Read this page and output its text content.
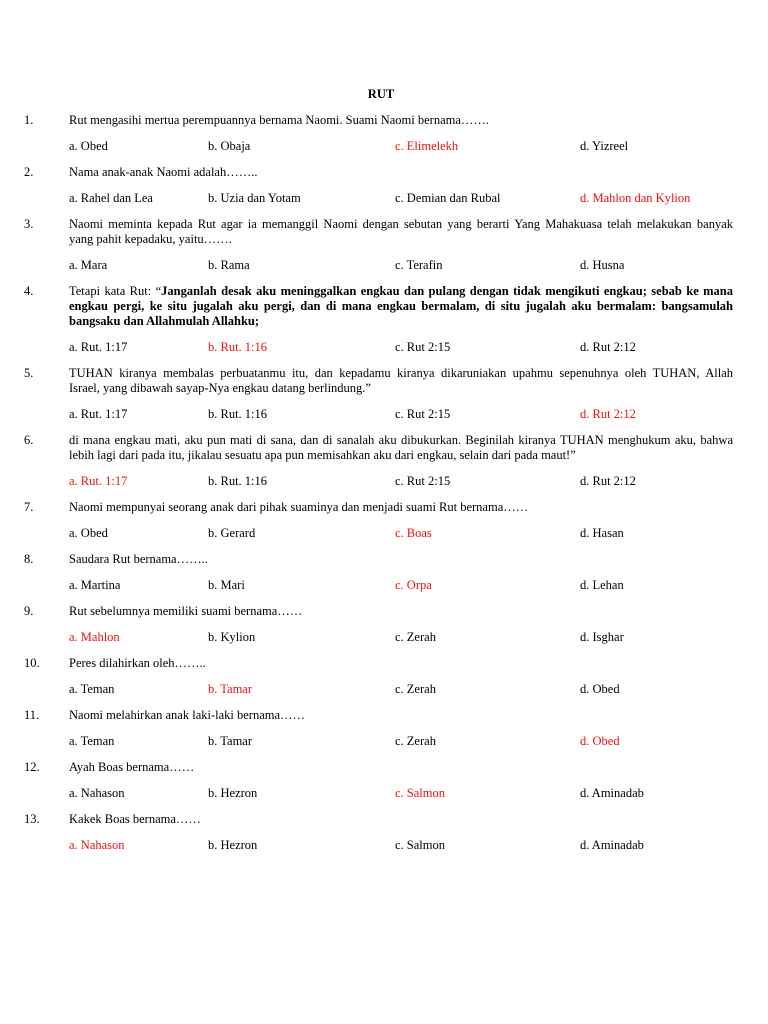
RUT
1.	Rut mengasihi mertua perempuannya bernama Naomi. Suami Naomi bernama…….
a. Obed	b. Obaja	c. Elimelekh	d. Yizreel
2.	Nama anak-anak Naomi adalah……..
a. Rahel dan Lea	b. Uzia dan Yotam	c. Demian dan Rubal	d. Mahlon dan Kylion
3.	Naomi meminta kepada Rut agar ia memanggil Naomi dengan sebutan yang berarti Yang Mahakuasa telah melakukan banyak
yang pahit kepadaku, yaitu…….
a. Mara	b. Rama	c. Terafin	d. Husna
4.	Tetapi kata Rut: “Janganlah desak aku meninggalkan engkau dan pulang dengan tidak mengikuti engkau; sebab ke mana
engkau pergi, ke situ jugalah aku pergi, dan di mana engkau bermalam, di situ jugalah aku bermalam: bangsamulah
bangsaku dan Allahmulah Allahku;
a. Rut. 1:17	b. Rut. 1:16	c. Rut 2:15	d. Rut 2:12
5.	TUHAN kiranya membalas perbuatanmu itu, dan kepadamu kiranya dikaruniakan upahmu sepenuhnya oleh TUHAN, Allah
Israel, yang dibawah sayap-Nya engkau datang berlindung.”
a. Rut. 1:17	b. Rut. 1:16	c. Rut 2:15	d. Rut 2:12
6.	di mana engkau mati, aku pun mati di sana, dan di sanalah aku dibukurkan. Beginilah kiranya TUHAN menghukum aku, bahwa
lebih lagi dari pada itu, jikalau sesuatu apa pun memisahkan aku dari engkau, selain dari pada maut!”
a. Rut. 1:17	b. Rut. 1:16	c. Rut 2:15	d. Rut 2:12
7.	Naomi mempunyai seorang anak dari pihak suaminya dan menjadi suami Rut bernama……
a. Obed	b. Gerard	c. Boas	d. Hasan
8.	Saudara Rut bernama……..
a. Martina	b. Mari	c. Orpa	d. Lehan
9.	Rut sebelumnya memiliki suami bernama……
a. Mahlon	b. Kylion	c. Zerah	d. Isghar
10. Peres dilahirkan oleh……..
a. Teman	b. Tamar	c. Zerah	d. Obed
11. Naomi melahirkan anak laki-laki bernama……
a. Teman	b. Tamar	c. Zerah	d. Obed
12. Ayah Boas bernama……
a. Nahason	b. Hezron	c. Salmon	d. Aminadab
13. Kakek Boas bernama……
a. Nahason	b. Hezron	c. Salmon	d. Aminadab
